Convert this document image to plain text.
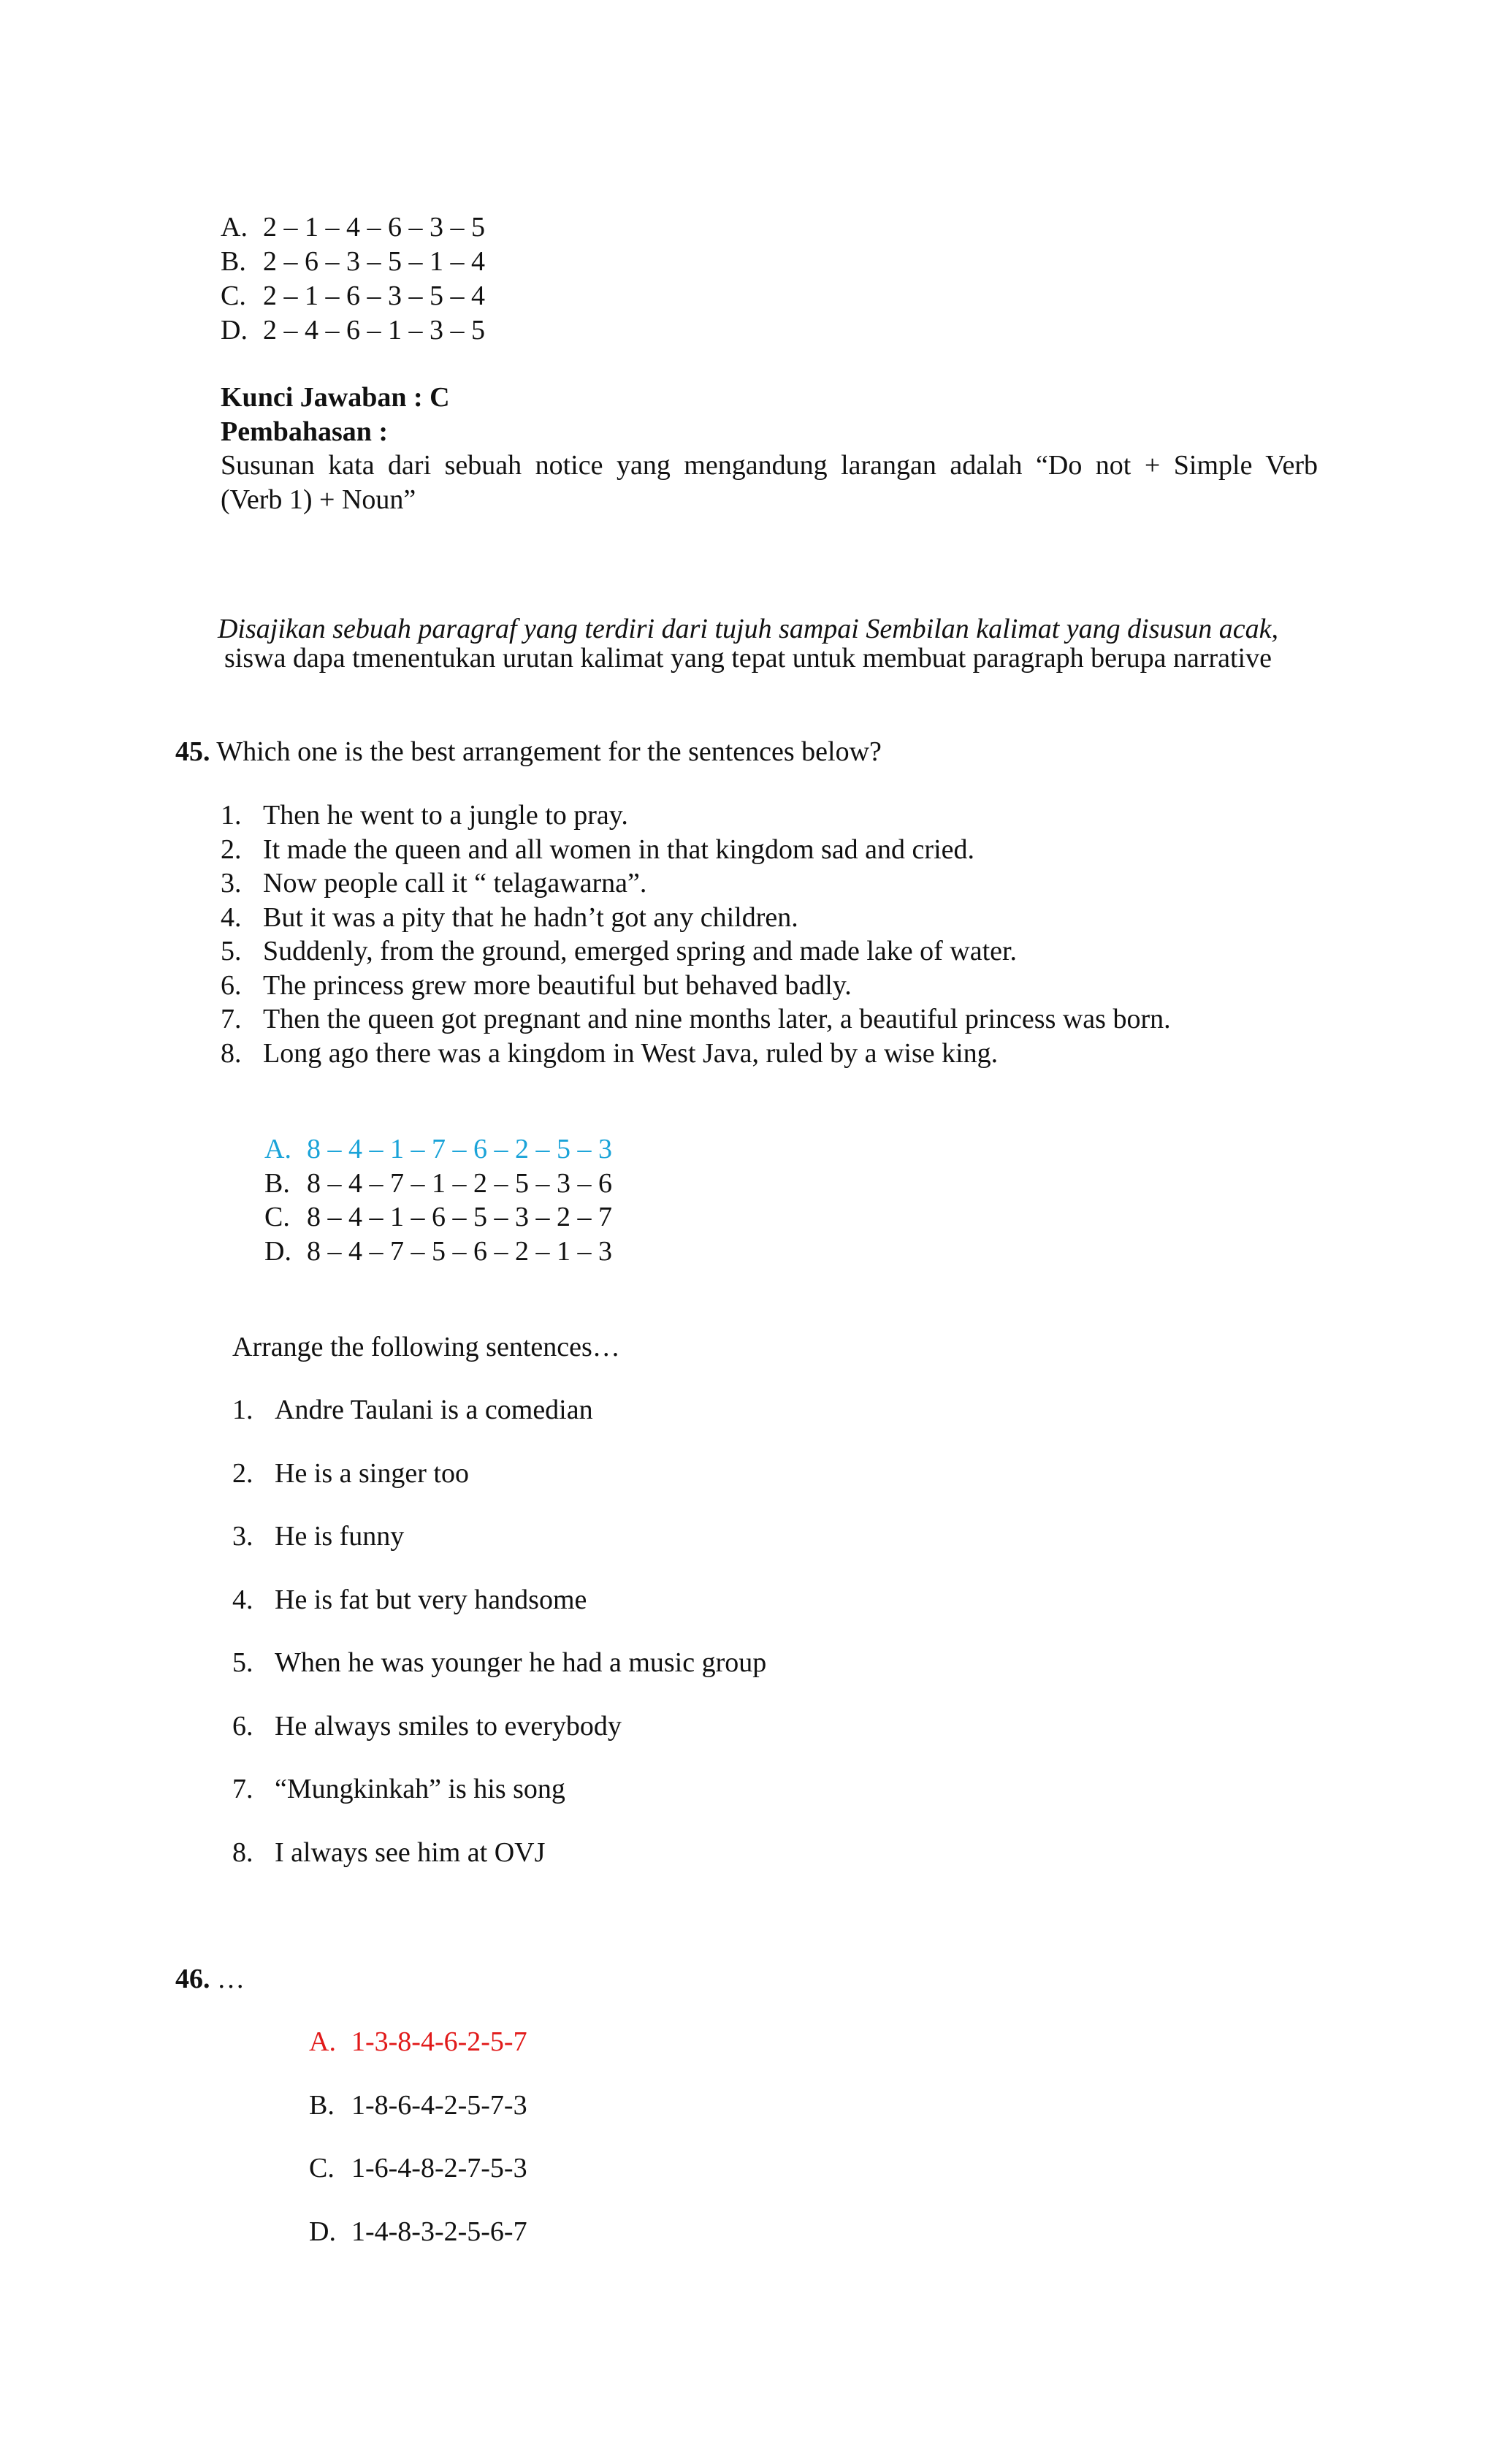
A. 2 – 1 – 4 – 6 – 3 – 5
B. 2 – 6 – 3 – 5 – 1 – 4
C. 2 – 1 – 6 – 3 – 5 – 4
D. 2 – 4 – 6 – 1 – 3 – 5
Kunci Jawaban : C
Pembahasan :
Susunan kata dari sebuah notice yang mengandung larangan adalah “Do not + Simple Verb
(Verb 1) + Noun”
Disajikan sebuah paragraf yang terdiri dari tujuh sampai Sembilan kalimat yang disusun acak,
siswa dapa tmenentukan urutan kalimat yang tepat untuk membuat paragraph berupa narrative
45. Which one is the best arrangement for the sentences below?
1. Then he went to a jungle to pray.
2. It made the queen and all women in that kingdom sad and cried.
3. Now people call it “ telagawarna”.
4. But it was a pity that he hadn’t got any children.
5. Suddenly, from the ground, emerged spring and made lake of water.
6. The princess grew more beautiful but behaved badly.
7. Then the queen got pregnant and nine months later, a beautiful princess was born.
8. Long ago there was a kingdom in West Java, ruled by a wise king.
A. 8 – 4 – 1 – 7 – 6 – 2 – 5 – 3
B. 8 – 4 – 7 – 1 – 2 – 5 – 3 – 6
C. 8 – 4 – 1 – 6 – 5 – 3 – 2 – 7
D. 8 – 4 – 7 – 5 – 6 – 2 – 1 – 3
Arrange the following sentences…
1. Andre Taulani is a comedian
2. He is a singer too
3. He is funny
4. He is fat but very handsome
5. When he was younger he had a music group
6. He always smiles to everybody
7. “Mungkinkah” is his song
8. I always see him at OVJ
46. …
A. 1-3-8-4-6-2-5-7
B. 1-8-6-4-2-5-7-3
C. 1-6-4-8-2-7-5-3
D. 1-4-8-3-2-5-6-7
